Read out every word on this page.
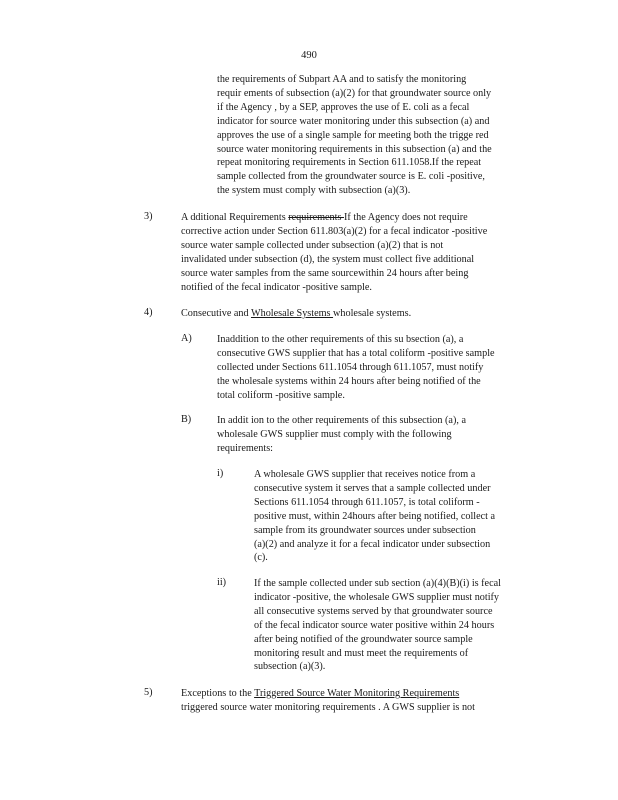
490
the requirements of Subpart AA and to satisfy the monitoring
requir ements of subsection (a)(2) for that groundwater source only
if the Agency , by a SEP, approves the use of E. coli as a fecal
indicator for source water monitoring under this subsection (a) and
approves the use of a single sample for meeting both the trigge red
source water monitoring requirements in this subsection (a) and the
repeat monitoring requirements in Section 611.1058.If the repeat
sample collected from the groundwater source is E. coli -positive,
the system must comply with subsection (a)(3).
3)	A dditional Requirements requirements If the Agency does not require
corrective action under Section 611.803(a)(2) for a fecal indicator -positive
source water sample collected under subsection (a)(2) that is not
invalidated under subsection (d), the system must collect five additional
source water samples from the same sourcewithin 24 hours after being
notified of the fecal indicator -positive sample.
4)	Consecutive and Wholesale Systems wholesale systems.
A) Inaddition to the other requirements of this su bsection (a), a
consecutive GWS supplier that has a total coliform -positive sample
collected under Sections 611.1054 through 611.1057, must notify
the wholesale systems within 24 hours after being notified of the
total coliform -positive sample.
B)	In addit ion to the other requirements of this subsection (a), a
wholesale GWS supplier must comply with the following
requirements:
i)	A wholesale GWS supplier that receives notice from a
consecutive system it serves that a sample collected under
Sections 611.1054 through 611.1057, is total coliform -
positive must, within 24hours after being notified, collect a
sample from its groundwater sources under subsection
(a)(2) and analyze it for a fecal indicator under subsection
(c).
ii)	If the sample collected under sub section (a)(4)(B)(i) is fecal
indicator -positive, the wholesale GWS supplier must notify
all consecutive systems served by that groundwater source
of the fecal indicator source water positive within 24 hours
after being notified of the groundwater source sample
monitoring result and must meet the requirements of
subsection (a)(3).
5)	Exceptions to the Triggered Source Water Monitoring Requirements
triggered source water monitoring requirements . A GWS supplier is not
